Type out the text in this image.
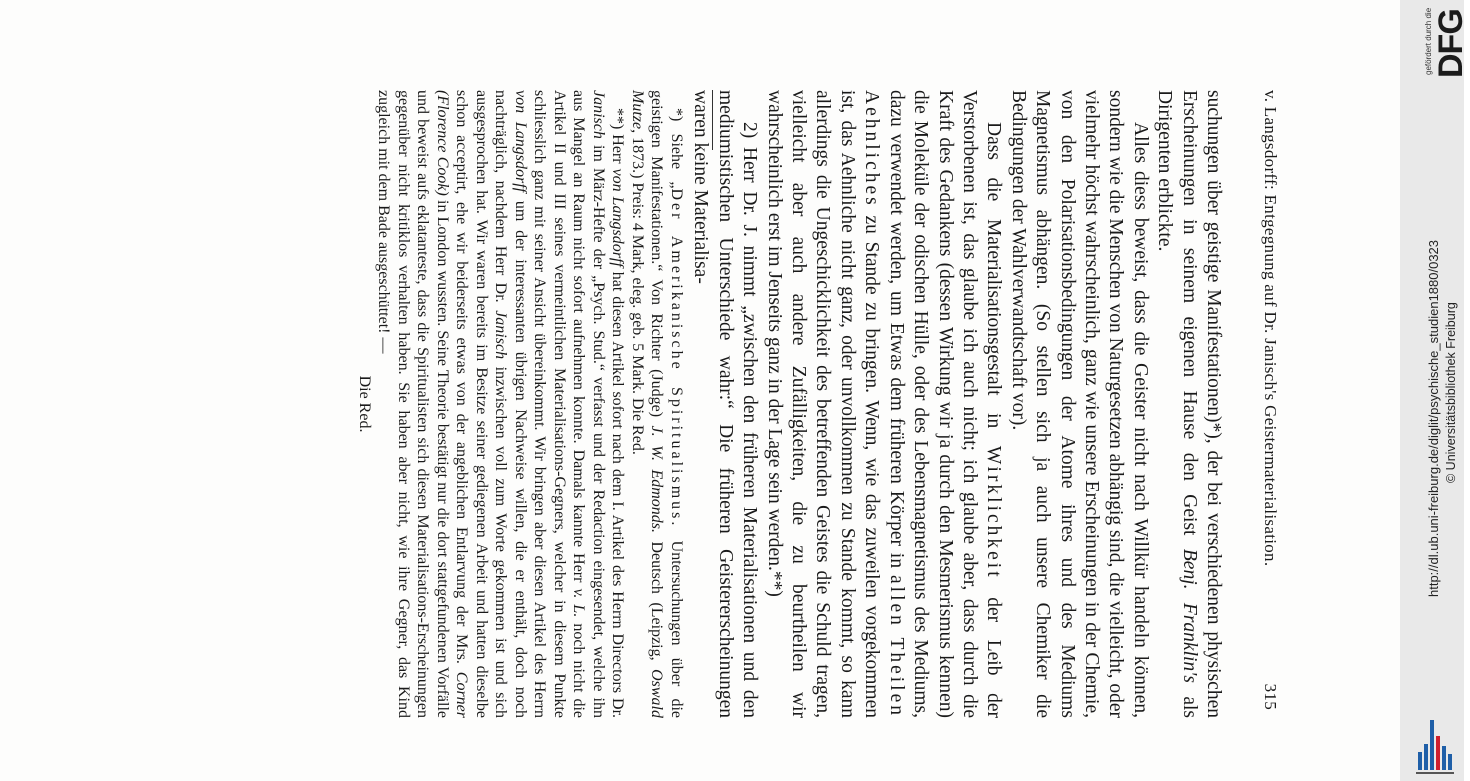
v. Langsdorff: Entgegnung auf Dr. Janisch's Geistermaterialisation.
315

suchungen über geistige Manifestationen)*), der bei verschiedenen physischen Erscheinungen in seinem eigenen Hause den Geist Benj. Franklin's als Dirigenten erblickte.

Alles diess beweist, dass die Geister nicht nach Willkür handeln können, sondern wie die Menschen von Naturgesetzen abhängig sind, die vielleicht, oder vielmehr höchst wahrscheinlich, ganz wie unsere Erscheinungen in der Chemie, von den Polarisationsbedingungen der Atome ihres und des Mediums Magnetismus abhängen. (So stellen sich ja auch unsere Chemiker die Bedingungen der Wahlverwandtschaft vor).

Dass die Materialisationsgestalt in Wirklichkeit der Leib der Verstorbenen ist, das glaube ich auch nicht; ich glaube aber, dass durch die Kraft des Gedankens (dessen Wirkung wir ja durch den Mesmerismus kennen) die Moleküle der odischen Hülle, oder des Lebensmagnetismus des Mediums, dazu verwendet werden, um Etwas dem früheren Körper in allen Theilen Aehnliches zu Stande zu bringen. Wenn, wie das zuweilen vorgekommen ist, das Aehnliche nicht ganz, oder unvollkommen zu Stande kommt, so kann allerdings die Ungeschicklichkeit des betreffenden Geistes die Schuld tragen, vielleicht aber auch andere Zufälligkeiten, die zu beurtheilen wir wahrscheinlich erst im Jenseits ganz in der Lage sein werden.**)

2) Herr Dr. J. nimmt „zwischen den früheren Materialisationen und den mediumistischen Unterschiede wahr:“ Die früheren Geistererscheinungen waren keine Materialisa-

*) Siehe „Der Amerikanische Spiritualismus. Untersuchungen über die geistigen Manifestationen.“ Von Richter (Judge) J. W. Edmonds. Deutsch (Leipzig, Oswald Mutze, 1873.) Preis: 4 Mark, eleg. geb. 5 Mark. Die Red.

**) Herr von Langsdorff hat diesen Artikel sofort nach dem I. Artikel des Herrn Directors Dr. Janisch im März-Hefte der „Psych. Stud.“ verfasst und der Redaction eingesendet, welche ihn aus Mangel an Raum nicht sofort aufnehmen konnte. Damals kannte Herr v. L. noch nicht die Artikel II und III seines vermeintlichen Materialisations-Gegners, welcher in diesem Punkte schliesslich ganz mit seiner Ansicht übereinkommt. Wir bringen aber diesen Artikel des Herrn von Langsdorff um der interessanten übrigen Nachweise willen, die er enthält, doch noch nachträglich, nachdem Herr Dr. Janisch inzwischen voll zum Worte gekommen ist und sich ausgesprochen hat. Wir waren bereits im Besitze seiner gediegenen Arbeit und hatten dieselbe schon acceptirt, ehe wir beiderseits etwas von der angeblichen Entlarvung der Mrs. Corner (Florence Cook) in London wussten. Seine Theorie bestätigt nur die dort stattgefundenen Vorfälle und beweist aufs eklatanteste, dass die Spiritualisten sich diesen Materialisations-Erscheinungen gegenüber nicht kritiklos verhalten haben. Sie haben aber nicht, wie ihre Gegner, das Kind zugleich mit dem Bade ausgeschüttet! —

Die Red.	http://dl.ub.uni-freiburg.de/diglit/psychische_studien1880/0323 © Universitätsbibliothek Freiburg
gefördert durch die DFG
